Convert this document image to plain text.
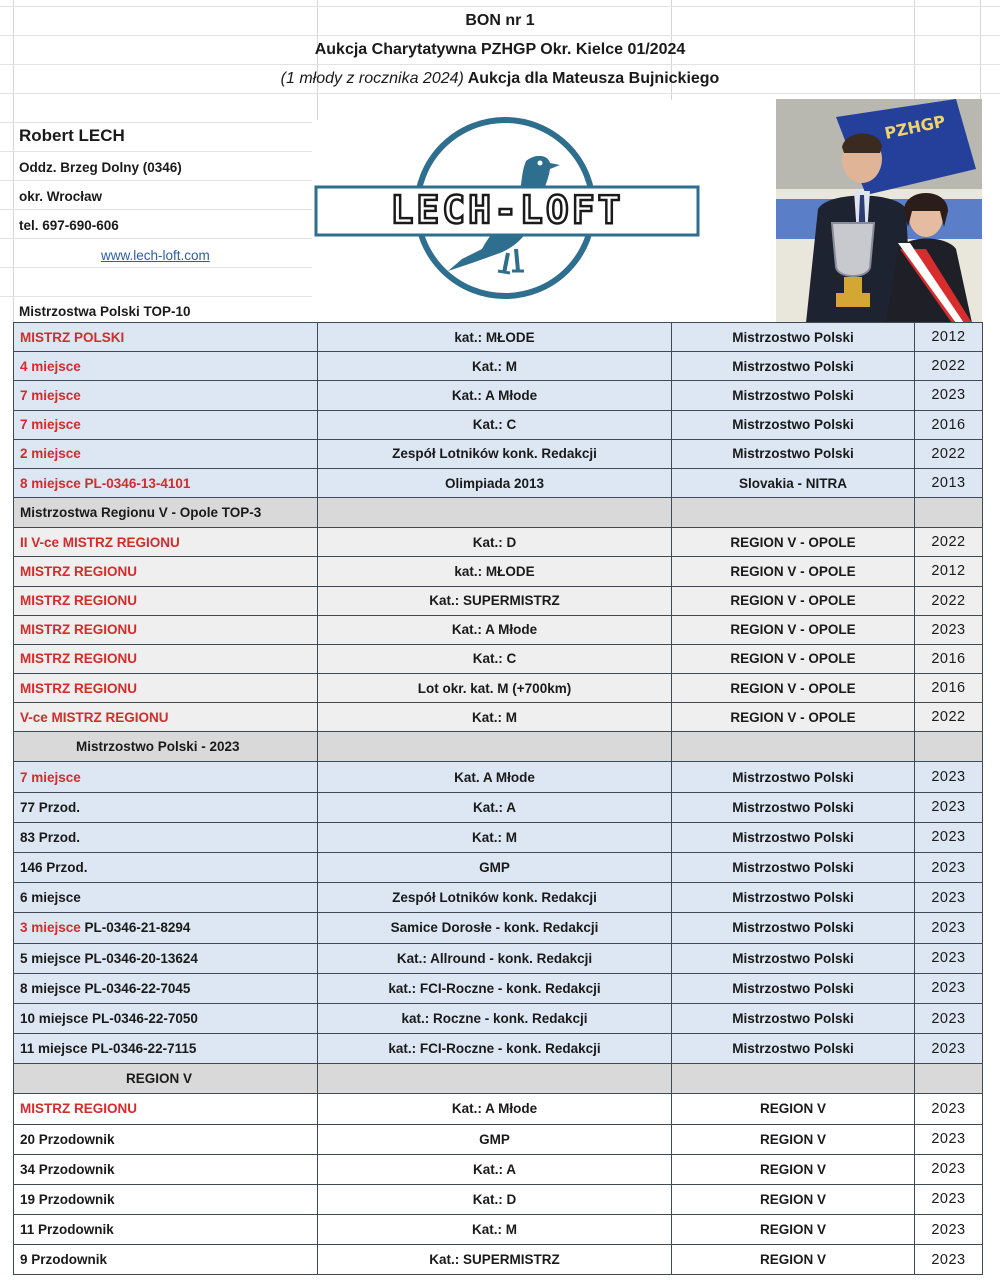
BON nr 1
Aukcja Charytatywna PZHGP Okr. Kielce 01/2024
(1 młody z rocznika 2024) Aukcja dla Mateusza Bujnickiego
Robert LECH
Oddz. Brzeg Dolny (0346)
okr. Wrocław
tel. 697-690-606
www.lech-loft.com
LECH-LOFT
PZHGP
Mistrzostwa Polski TOP-10
MISTRZ POLSKI	kat.: MŁODE	Mistrzostwo Polski	2012
4 miejsce	Kat.: M	Mistrzostwo Polski	2022
7 miejsce	Kat.: A Młode	Mistrzostwo Polski	2023
7 miejsce	Kat.: C	Mistrzostwo Polski	2016
2 miejsce	Zespół Lotników konk. Redakcji	Mistrzostwo Polski	2022
8 miejsce PL-0346-13-4101	Olimpiada 2013	Slovakia - NITRA	2013
Mistrzostwa Regionu V - Opole TOP-3			
II V-ce MISTRZ REGIONU	Kat.: D	REGION V - OPOLE	2022
MISTRZ REGIONU	kat.: MŁODE	REGION V - OPOLE	2012
MISTRZ REGIONU	Kat.: SUPERMISTRZ	REGION V - OPOLE	2022
MISTRZ REGIONU	Kat.: A Młode	REGION V - OPOLE	2023
MISTRZ REGIONU	Kat.: C	REGION V - OPOLE	2016
MISTRZ REGIONU	Lot okr. kat. M (+700km)	REGION V - OPOLE	2016
V-ce MISTRZ REGIONU	Kat.: M	REGION V - OPOLE	2022
Mistrzostwo Polski - 2023			
7 miejsce	Kat. A Młode	Mistrzostwo Polski	2023
77 Przod.	Kat.: A	Mistrzostwo Polski	2023
83 Przod.	Kat.: M	Mistrzostwo Polski	2023
146 Przod.	GMP	Mistrzostwo Polski	2023
6 miejsce	Zespół Lotników konk. Redakcji	Mistrzostwo Polski	2023
3 miejsce PL-0346-21-8294	Samice Dorosłe - konk. Redakcji	Mistrzostwo Polski	2023
5 miejsce PL-0346-20-13624	Kat.: Allround - konk. Redakcji	Mistrzostwo Polski	2023
8 miejsce PL-0346-22-7045	kat.: FCI-Roczne - konk. Redakcji	Mistrzostwo Polski	2023
10 miejsce PL-0346-22-7050	kat.: Roczne - konk. Redakcji	Mistrzostwo Polski	2023
11 miejsce PL-0346-22-7115	kat.: FCI-Roczne - konk. Redakcji	Mistrzostwo Polski	2023
REGION V			
MISTRZ REGIONU	Kat.: A Młode	REGION V	2023
20 Przodownik	GMP	REGION V	2023
34 Przodownik	Kat.: A	REGION V	2023
19 Przodownik	Kat.: D	REGION V	2023
11 Przodownik	Kat.: M	REGION V	2023
9 Przodownik	Kat.: SUPERMISTRZ	REGION V	2023
